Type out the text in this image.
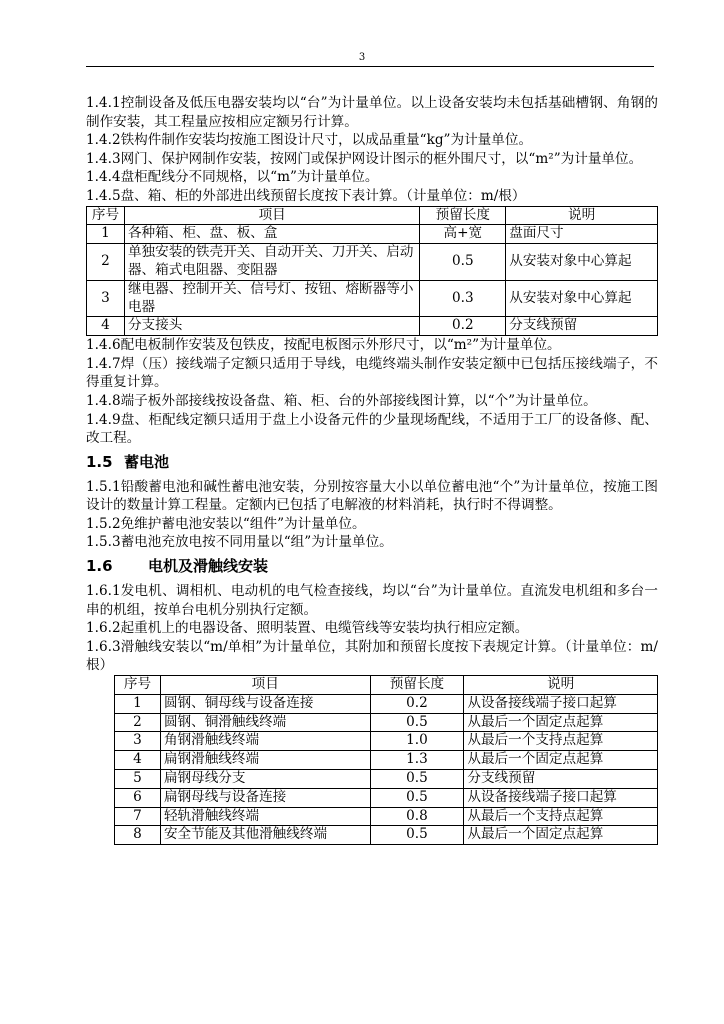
3

1.4.1控制设备及低压电器安装均以“台”为计量单位。以上设备安装均未包括基础槽钢、角钢的制作安装，其工程量应按相应定额另行计算。

1.4.2铁构件制作安装均按施工图设计尺寸，以成品重量“kg”为计量单位。

1.4.3网门、保护网制作安装，按网门或保护网设计图示的框外围尺寸，以“m²”为计量单位。

1.4.4盘柜配线分不同规格，以“m”为计量单位。

1.4.5盘、箱、柜的外部进出线预留长度按下表计算。（计量单位：m/根）

序号	项目	预留长度	说明
1	各种箱、柜、盘、板、盒	高+宽	盘面尺寸
2	单独安装的铁壳开关、自动开关、刀开关、启动器、箱式电阻器、变阻器	0.5	从安装对象中心算起
3	继电器、控制开关、信号灯、按钮、熔断器等小电器	0.3	从安装对象中心算起
4	分支接头	0.2	分支线预留

1.4.6配电板制作安装及包铁皮，按配电板图示外形尺寸，以“m²”为计量单位。

1.4.7焊（压）接线端子定额只适用于导线，电缆终端头制作安装定额中已包括压接线端子，不得重复计算。

1.4.8端子板外部接线按设备盘、箱、柜、台的外部接线图计算，以“个”为计量单位。

1.4.9盘、柜配线定额只适用于盘上小设备元件的少量现场配线，不适用于工厂的设备修、配、改工程。

1.5 蓄电池

1.5.1铅酸蓄电池和碱性蓄电池安装，分别按容量大小以单位蓄电池“个”为计量单位，按施工图设计的数量计算工程量。定额内已包括了电解液的材料消耗，执行时不得调整。

1.5.2免维护蓄电池安装以“组件”为计量单位。

1.5.3蓄电池充放电按不同用量以“组”为计量单位。

1.6 电机及滑触线安装

1.6.1发电机、调相机、电动机的电气检查接线，均以“台”为计量单位。直流发电机组和多台一串的机组，按单台电机分别执行定额。

1.6.2起重机上的电器设备、照明装置、电缆管线等安装均执行相应定额。

1.6.3滑触线安装以“m/单相”为计量单位，其附加和预留长度按下表规定计算。（计量单位：m/根）

序号	项目	预留长度	说明
1	圆钢、铜母线与设备连接	0.2	从设备接线端子接口起算
2	圆钢、铜滑触线终端	0.5	从最后一个固定点起算
3	角钢滑触线终端	1.0	从最后一个支持点起算
4	扁钢滑触线终端	1.3	从最后一个固定点起算
5	扁钢母线分支	0.5	分支线预留
6	扁钢母线与设备连接	0.5	从设备接线端子接口起算
7	轻轨滑触线终端	0.8	从最后一个支持点起算
8	安全节能及其他滑触线终端	0.5	从最后一个固定点起算
